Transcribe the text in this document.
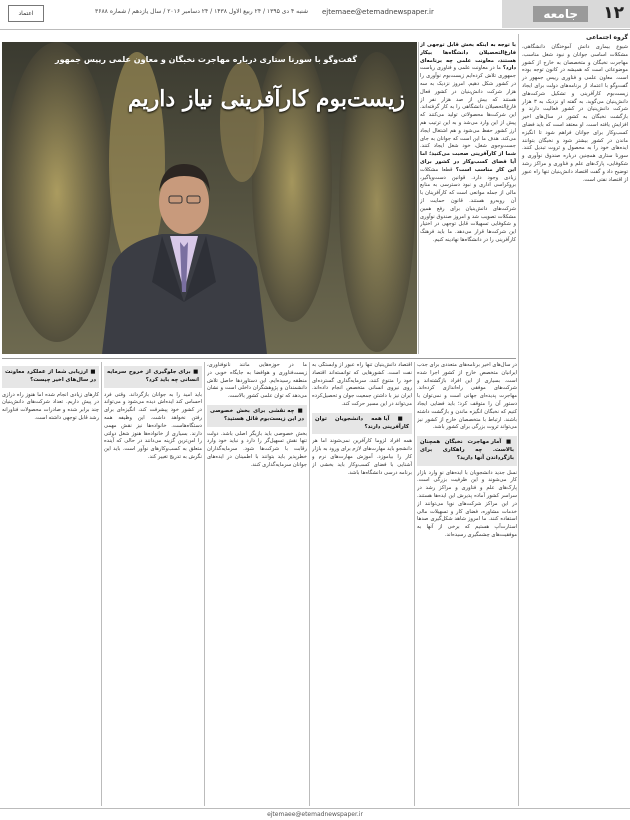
اعتماد	شنبه ۴ دی ۱۳۹۵ / ۲۴ ربیع الاول ۱۴۳۸ / ۲۴ دسامبر ۲۰۱۶ / سال یازدهم / شماره ۳۶۸۸ ejtemaee@etemadnewspaper.ir	۱۲
جامعه
گروه اجتماعی

شیوع بیماری دانش آموختگان دانشگاهی، مشکلات اساسی جوانان و نبود شغل مناسب، مهاجرت نخبگان و متخصصان به خارج از کشور موضوعاتی است که همیشه در کانون توجه بوده است. معاون علمی و فناوری رییس جمهور در گفت‌وگو با اعتماد از برنامه‌های دولت برای ایجاد زیست‌بوم کارآفرینی و تشکیل شرکت‌های دانش‌بنیان می‌گوید. به گفته او نزدیک به ۳ هزار شرکت دانش‌بنیان در کشور فعالیت دارند و بازگشت نخبگان به کشور در سال‌های اخیر افزایش یافته است. او معتقد است که باید فضای کسب‌وکار برای جوانان فراهم شود تا انگیزه ماندن در کشور بیشتر شود و نخبگان بتوانند ایده‌های خود را به محصول و ثروت تبدیل کنند. سورنا ستاری همچنین درباره صندوق نوآوری و شکوفایی، پارک‌های علم و فناوری و مراکز رشد توضیح داد و گفت اقتصاد دانش‌بنیان تنها راه عبور از اقتصاد نفتی است.

گفت‌وگو با سورنا ستاری درباره مهاجرت نخبگان و معاون علمی رییس جمهور
زیست‌بوم کارآفرینی نیاز داریم
با توجه به اینکه بخش قابل توجهی از فارغ‌التحصیلان دانشگاه‌ها بیکار هستند، معاونت علمی چه برنامه‌ای دارد؟ ما در معاونت علمی و فناوری ریاست جمهوری تلاش کرده‌ایم زیست‌بوم نوآوری را در کشور شکل دهیم. امروز نزدیک به سه هزار شرکت دانش‌بنیان در کشور فعال هستند که بیش از صد هزار نفر از فارغ‌التحصیلان دانشگاهی را به کار گرفته‌اند. این شرکت‌ها محصولاتی تولید می‌کنند که پیش از این وارد می‌شد و به این ترتیب هم ارز کشور حفظ می‌شود و هم اشتغال ایجاد می‌کند. هدف ما این است که جوانان به جای جست‌وجوی شغل، خود شغل ایجاد کنند. شما از کارآفرینی صحبت می‌کنید؛ اما آیا فضای کسب‌وکار در کشور برای این کار مناسب است؟ قطعا مشکلات زیادی وجود دارد. قوانین دست‌وپاگیر، بروکراسی اداری و نبود دسترسی به منابع مالی از جمله موانعی است که کارآفرینان با آن روبه‌رو هستند. قانون حمایت از شرکت‌های دانش‌بنیان برای رفع همین مشکلات تصویب شد و امروز صندوق نوآوری و شکوفایی تسهیلات قابل توجهی در اختیار این شرکت‌ها قرار می‌دهد. ما باید فرهنگ کارآفرینی را در دانشگاه‌ها نهادینه کنیم.
در سال‌های اخیر برنامه‌های متعددی برای جذب ایرانیان متخصص خارج از کشور اجرا شده است. بسیاری از این افراد بازگشته‌اند و شرکت‌های موفقی راه‌اندازی کرده‌اند. مهاجرت پدیده‌ای جهانی است و نمی‌توان با دستور آن را متوقف کرد؛ باید فضایی ایجاد کنیم که نخبگان انگیزه ماندن و بازگشت داشته باشند. ارتباط با متخصصان خارج از کشور نیز می‌تواند ثروت بزرگی برای کشور باشد.
■ آمار مهاجرت نخبگان همچنان بالاست. چه راهکاری برای بازگرداندن آنها دارید؟
نسل جدید دانشجویان با ایده‌های نو وارد بازار کار می‌شوند و این ظرفیت بزرگی است. پارک‌های علم و فناوری و مراکز رشد در سراسر کشور آماده پذیرش این ایده‌ها هستند. در این مراکز شرکت‌های نوپا می‌توانند از خدمات مشاوره، فضای کار و تسهیلات مالی استفاده کنند. ما امروز شاهد شکل‌گیری صدها استارت‌آپ هستیم که برخی از آنها به موفقیت‌های چشمگیری رسیده‌اند.
اقتصاد دانش‌بنیان تنها راه عبور از وابستگی به نفت است. کشورهایی که توانسته‌اند اقتصاد خود را متنوع کنند، سرمایه‌گذاری گسترده‌ای روی نیروی انسانی متخصص انجام داده‌اند. ایران نیز با داشتن جمعیت جوان و تحصیل‌کرده می‌تواند در این مسیر حرکت کند.
■ آیا همه دانشجویان توان کارآفرینی دارند؟
همه افراد لزوما کارآفرین نمی‌شوند اما هر دانشجو باید مهارت‌های لازم برای ورود به بازار کار را بیاموزد. آموزش مهارت‌های نرم و آشنایی با فضای کسب‌وکار باید بخشی از برنامه درسی دانشگاه‌ها باشد.
ما در حوزه‌هایی مانند نانوفناوری، زیست‌فناوری و هوافضا به جایگاه خوبی در منطقه رسیده‌ایم. این دستاوردها حاصل تلاش دانشمندان و پژوهشگران داخلی است و نشان می‌دهد که توان علمی کشور بالاست.
■ چه نقشی برای بخش خصوصی در این زیست‌بوم قائل هستید؟
بخش خصوصی باید بازیگر اصلی باشد. دولت تنها نقش تسهیل‌گر را دارد و نباید خود وارد رقابت با شرکت‌ها شود. سرمایه‌گذاران خطرپذیر باید بتوانند با اطمینان در ایده‌های جوانان سرمایه‌گذاری کنند.
■ برای جلوگیری از خروج سرمایه انسانی چه باید کرد؟
باید امید را به جوانان بازگرداند. وقتی فرد احساس کند ایده‌اش دیده می‌شود و می‌تواند در کشور خود پیشرفت کند، انگیزه‌ای برای رفتن نخواهد داشت. این وظیفه همه دستگاه‌هاست. خانواده‌ها نیز نقش مهمی دارند. بسیاری از خانواده‌ها هنوز شغل دولتی را امن‌ترین گزینه می‌دانند در حالی که آینده متعلق به کسب‌وکارهای نوآور است. باید این نگرش به تدریج تغییر کند.
■ ارزیابی شما از عملکرد معاونت در سال‌های اخیر چیست؟
کارهای زیادی انجام شده اما هنوز راه درازی در پیش داریم. تعداد شرکت‌های دانش‌بنیان چند برابر شده و صادرات محصولات فناورانه رشد قابل توجهی داشته است.
ejtemaee@etemadnewspaper.ir
